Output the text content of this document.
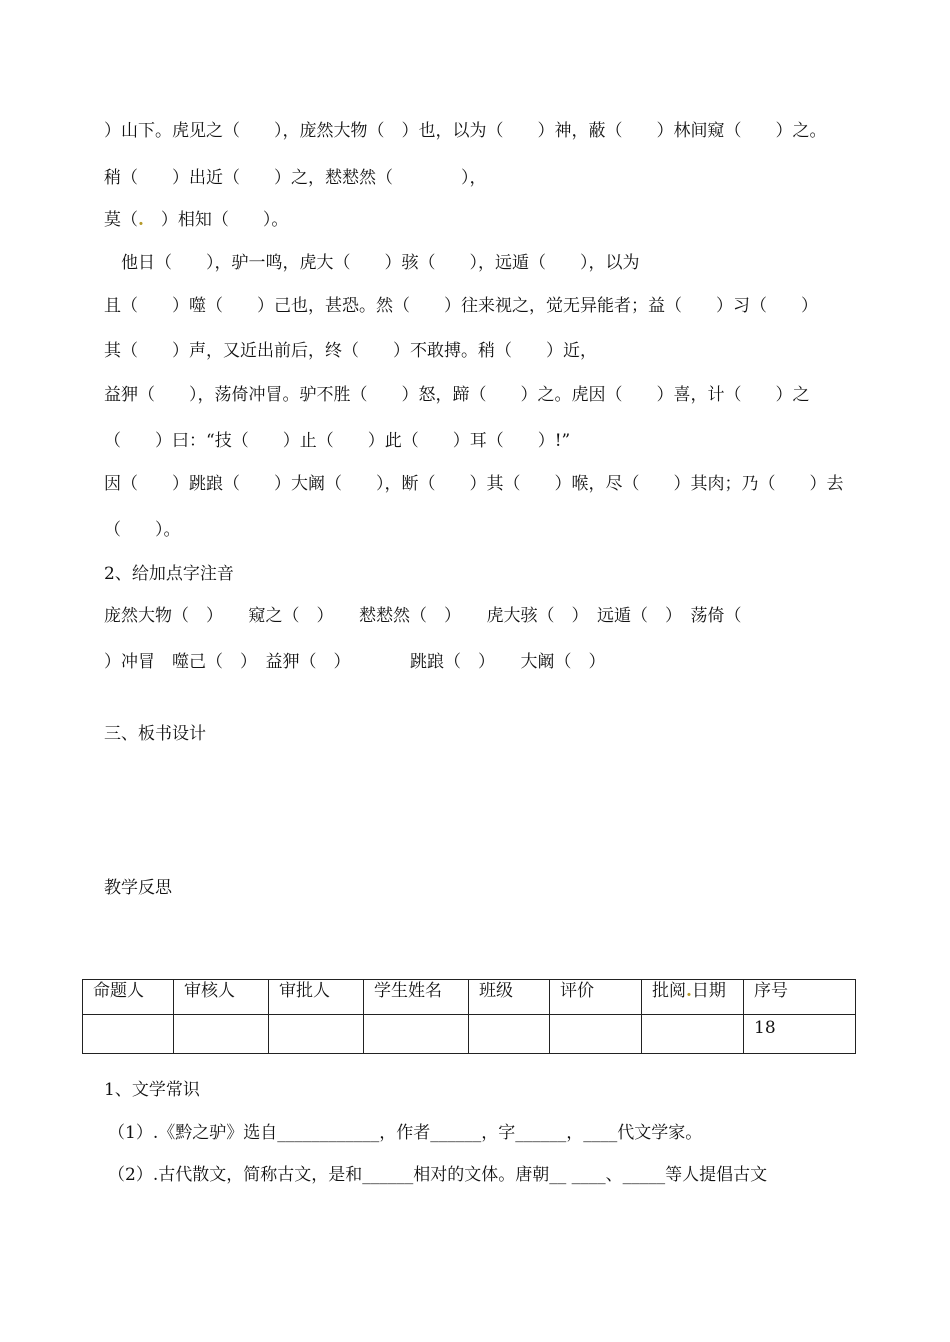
）山下。虎见之（　　），庞然大物（　）也，以为（　　）神，蔽（　　）林间窥（　　）之。
稍（　　）出近（　　）之，慭慭然（　　　　），
莫（.　）相知（　　）。
　他日（　　），驴一鸣，虎大（　　）骇（　　），远遁（　　），以为
且（　　）噬（　　）己也，甚恐。然（　　）往来视之，觉无异能者；益（　　）习（　　）
其（　　）声，又近出前后，终（　　）不敢搏。稍（　　）近，
益狎（　　），荡倚冲冒。驴不胜（　　）怒，蹄（　　）之。虎因（　　）喜，计（　　）之
（　　）曰：“技（　　）止（　　）此（　　）耳（　　）!”
因（　　）跳踉（　　）大阚（　　），断（　　）其（　　）喉，尽（　　）其肉；乃（　　）去
（　　）。
2、给加点字注音
庞然大物（　）　　窥之（　）　　慭慭然（　）　　虎大骇（　）　远遁（　）　荡倚（
）冲冒　噬己（　）　益狎（　）　　　　跳踉（　）　　大阚（　）
三、板书设计
教学反思
命题人	审核人	审批人	学生姓名	班级	评价	批阅.日期	序号
							18
1、文学常识
（1）.《黔之驴》选自____________，作者______，字______，____代文学家。
（2）.古代散文，简称古文，是和______相对的文体。唐朝__ ____、_____等人提倡古文
